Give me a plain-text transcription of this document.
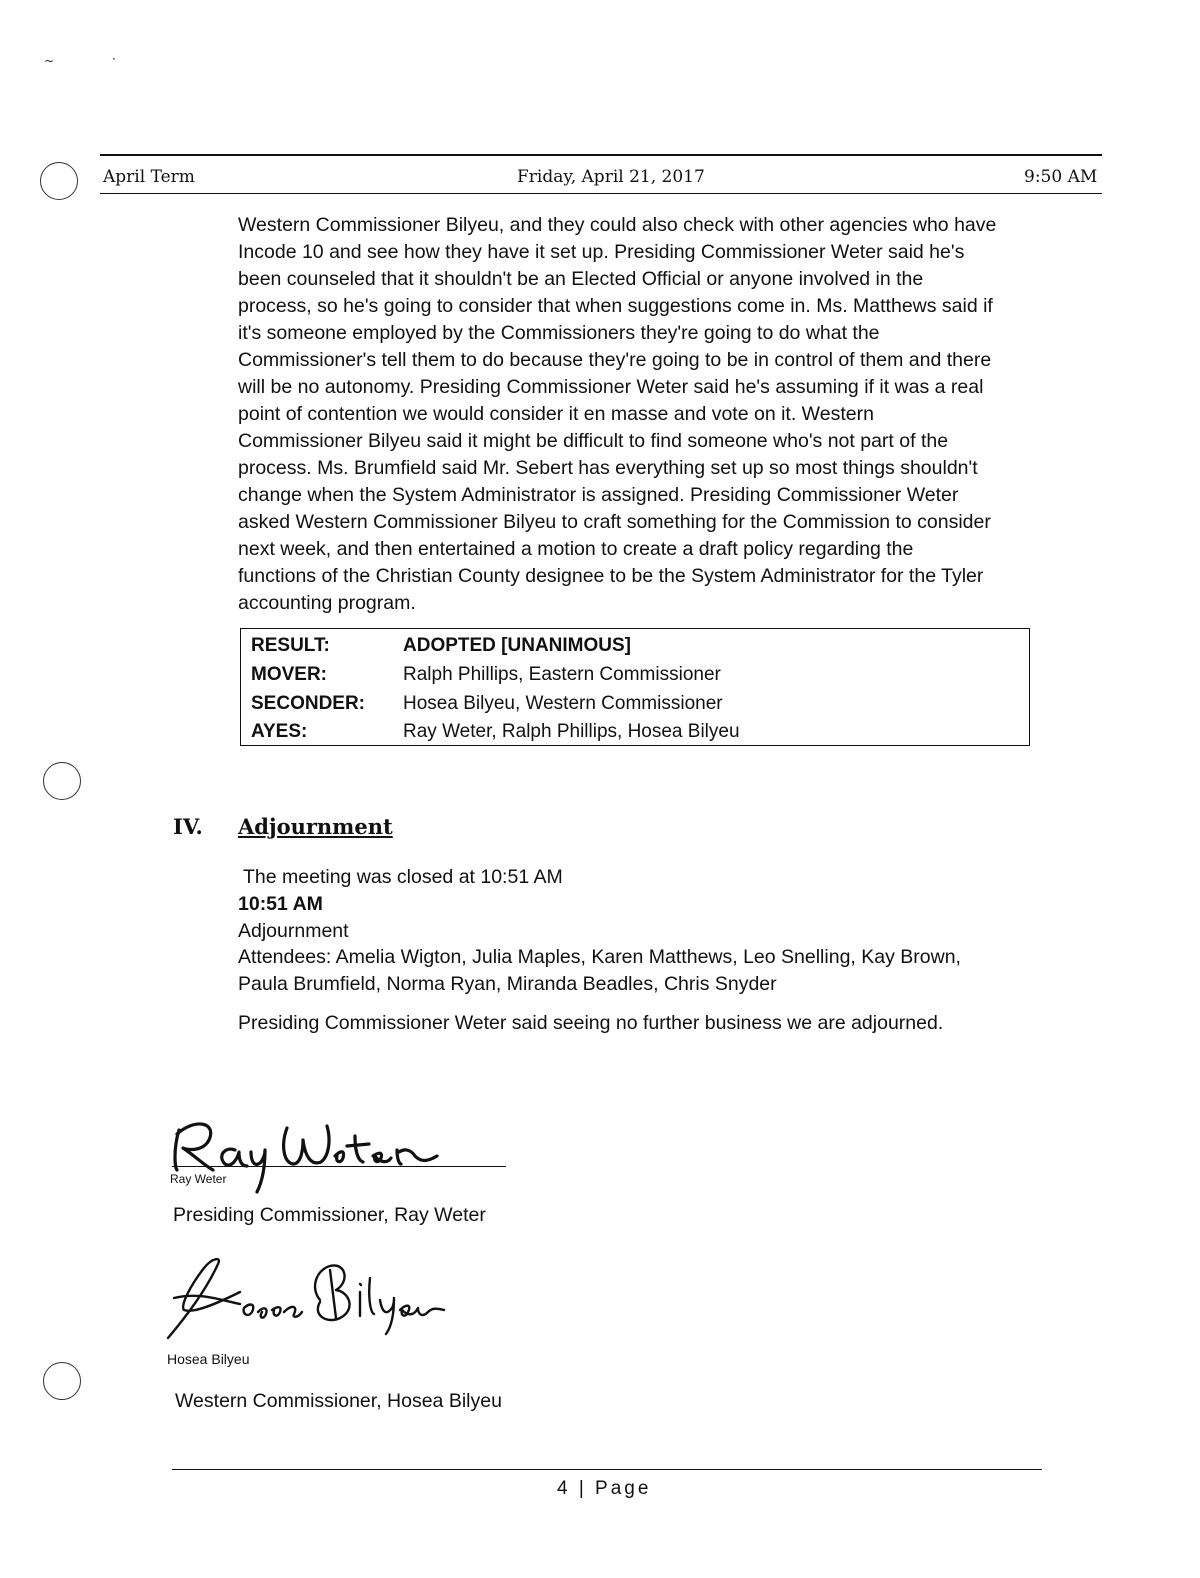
~	·
April Term	Friday, April 21, 2017	9:50 AM

Western Commissioner Bilyeu, and they could also check with other agencies who have
Incode 10 and see how they have it set up. Presiding Commissioner Weter said he's
been counseled that it shouldn't be an Elected Official or anyone involved in the
process, so he's going to consider that when suggestions come in. Ms. Matthews said if
it's someone employed by the Commissioners they're going to do what the
Commissioner's tell them to do because they're going to be in control of them and there
will be no autonomy. Presiding Commissioner Weter said he's assuming if it was a real
point of contention we would consider it en masse and vote on it. Western
Commissioner Bilyeu said it might be difficult to find someone who's not part of the
process. Ms. Brumfield said Mr. Sebert has everything set up so most things shouldn't
change when the System Administrator is assigned. Presiding Commissioner Weter
asked Western Commissioner Bilyeu to craft something for the Commission to consider
next week, and then entertained a motion to create a draft policy regarding the
functions of the Christian County designee to be the System Administrator for the Tyler
accounting program.

RESULT:	ADOPTED [UNANIMOUS]
MOVER:	Ralph Phillips, Eastern Commissioner
SECONDER:	Hosea Bilyeu, Western Commissioner
AYES:	Ray Weter, Ralph Phillips, Hosea Bilyeu
IV. Adjournment
The meeting was closed at 10:51 AM
10:51 AM
Adjournment
Attendees: Amelia Wigton, Julia Maples, Karen Matthews, Leo Snelling, Kay Brown,
Paula Brumfield, Norma Ryan, Miranda Beadles, Chris Snyder
Presiding Commissioner Weter said seeing no further business we are adjourned.
Ray Weter
Presiding Commissioner, Ray Weter
Hosea Bilyeu
Western Commissioner, Hosea Bilyeu
4 | Page
